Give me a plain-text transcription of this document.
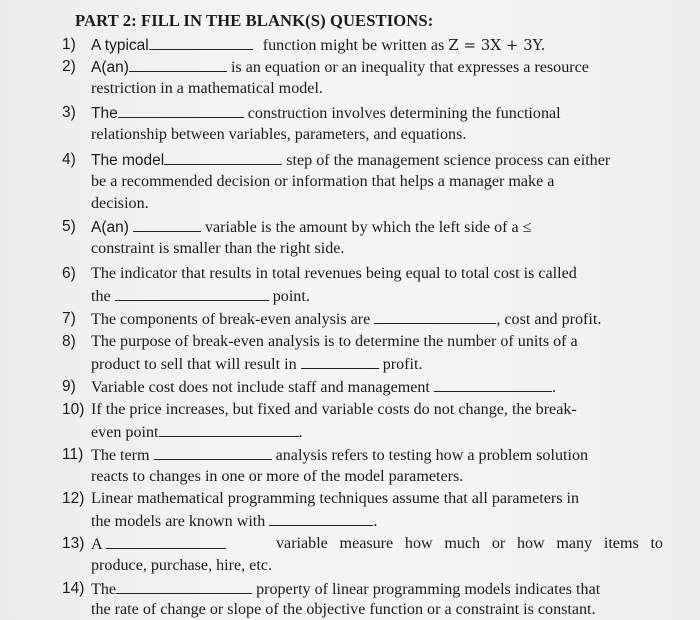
PART 2: FILL IN THE BLANK(S) QUESTIONS:
1) A typical	function might be written as Z = 3X + 3Y.
2) A(an)	is an equation or an inequality that expresses a resource
restriction in a mathematical model.
3) The	construction involves determining the functional
relationship between variables, parameters, and equations.
4) The model	step of the management science process can either
be a recommended decision or information that helps a manager make a
decision.
5) A(an)	variable is the amount by which the left side of a ≤
constraint is smaller than the right side.
6) The indicator that results in total revenues being equal to total cost is called
the	point.
7) The components of break-even analysis are	, cost and profit.
8) The purpose of break-even analysis is to determine the number of units of a
product to sell that will result in	profit.
9) Variable cost does not include staff and management	.
10) If the price increases, but fixed and variable costs do not change, the break-
even point	.
11) The term	analysis refers to testing how a problem solution
reacts to changes in one or more of the model parameters.
12) Linear mathematical programming techniques assume that all parameters in
the models are known with	.
13) A	variable measure how much or how many items to
produce, purchase, hire, etc.
14) The	property of linear programming models indicates that
the rate of change or slope of the objective function or a constraint is constant.
